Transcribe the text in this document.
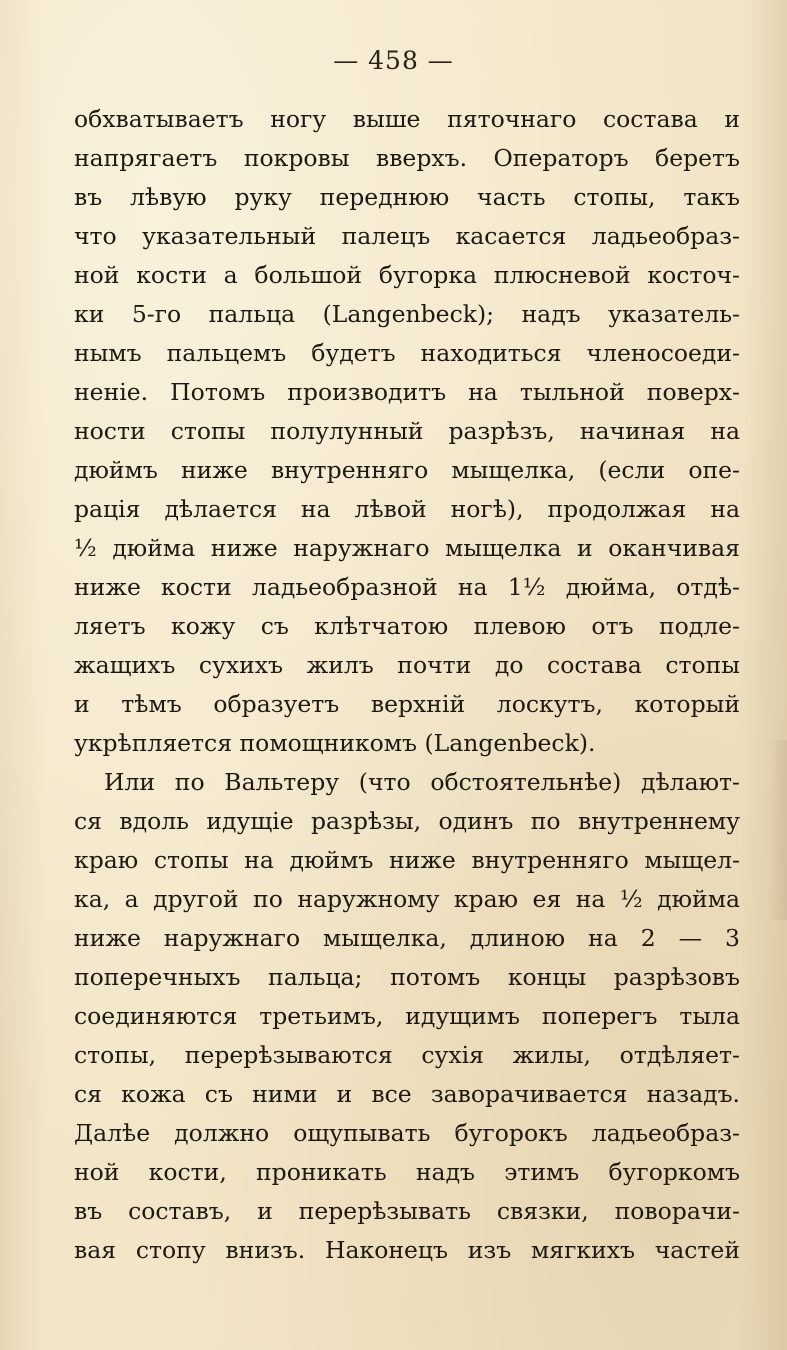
— 458 —
обхватываетъ ногу выше пяточнаго состава и
напрягаетъ покровы вверхъ. Операторъ беретъ
въ лѣвую руку переднюю часть стопы, такъ
что указательный палецъ касается ладьеобраз-
ной кости а большой бугорка плюсневой косточ-
ки 5-го пальца (Langenbeck); надъ указатель-
нымъ пальцемъ будетъ находиться членосоеди-
неніе. Потомъ производитъ на тыльной поверх-
ности стопы полулунный разрѣзъ, начиная на
дюймъ ниже внутренняго мыщелка, (если опе-
рація дѣлается на лѣвой ногѣ), продолжая на
½ дюйма ниже наружнаго мыщелка и оканчивая
ниже кости ладьеобразной на 1½ дюйма, отдѣ-
ляетъ кожу съ клѣтчатою плевою отъ подле-
жащихъ сухихъ жилъ почти до состава стопы
и тѣмъ образуетъ верхній лоскутъ, который
укрѣпляется помощникомъ (Langenbeck).
Или по Вальтеру (что обстоятельнѣе) дѣлают-
ся вдоль идущіе разрѣзы, одинъ по внутреннему
краю стопы на дюймъ ниже внутренняго мыщел-
ка, а другой по наружному краю ея на ½ дюйма
ниже наружнаго мыщелка, длиною на 2 — 3
поперечныхъ пальца; потомъ концы разрѣзовъ
соединяются третьимъ, идущимъ поперегъ тыла
стопы, перерѣзываются сухія жилы, отдѣляет-
ся кожа съ ними и все заворачивается назадъ.
Далѣе должно ощупывать бугорокъ ладьеобраз-
ной кости, проникать надъ этимъ бугоркомъ
въ составъ, и перерѣзывать связки, поворачи-
вая стопу внизъ. Наконецъ изъ мягкихъ частей
